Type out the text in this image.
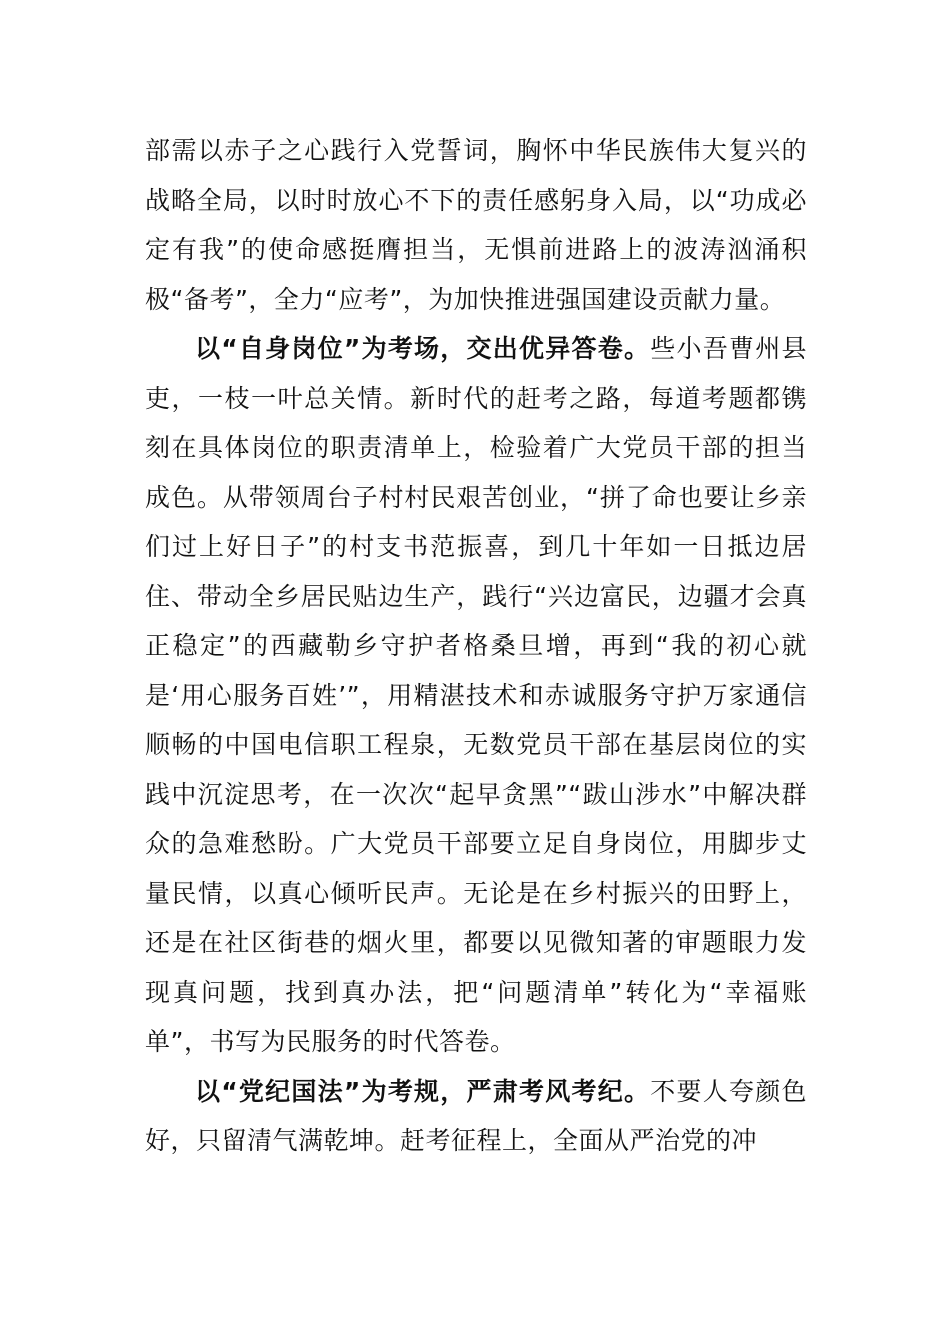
部需以赤子之心践行入党誓词，胸怀中华民族伟大复兴的战略全局，以时时放心不下的责任感躬身入局，以“功成必定有我”的使命感挺膺担当，无惧前进路上的波涛汹涌积极“备考”，全力“应考”，为加快推进强国建设贡献力量。

以“自身岗位”为考场，交出优异答卷。些小吾曹州县吏，一枝一叶总关情。新时代的赶考之路，每道考题都镌刻在具体岗位的职责清单上，检验着广大党员干部的担当成色。从带领周台子村村民艰苦创业，“拼了命也要让乡亲们过上好日子”的村支书范振喜，到几十年如一日抵边居住、带动全乡居民贴边生产，践行“兴边富民，边疆才会真正稳定”的西藏勒乡守护者格桑旦增，再到“我的初心就是‘用心服务百姓’”，用精湛技术和赤诚服务守护万家通信顺畅的中国电信职工程泉，无数党员干部在基层岗位的实践中沉淀思考，在一次次“起早贪黑”“跋山涉水”中解决群众的急难愁盼。广大党员干部要立足自身岗位，用脚步丈量民情，以真心倾听民声。无论是在乡村振兴的田野上，还是在社区街巷的烟火里，都要以见微知著的审题眼力发现真问题，找到真办法，把“问题清单”转化为“幸福账单”，书写为民服务的时代答卷。

以“党纪国法”为考规，严肃考风考纪。不要人夸颜色好，只留清气满乾坤。赶考征程上，全面从严治党的冲
